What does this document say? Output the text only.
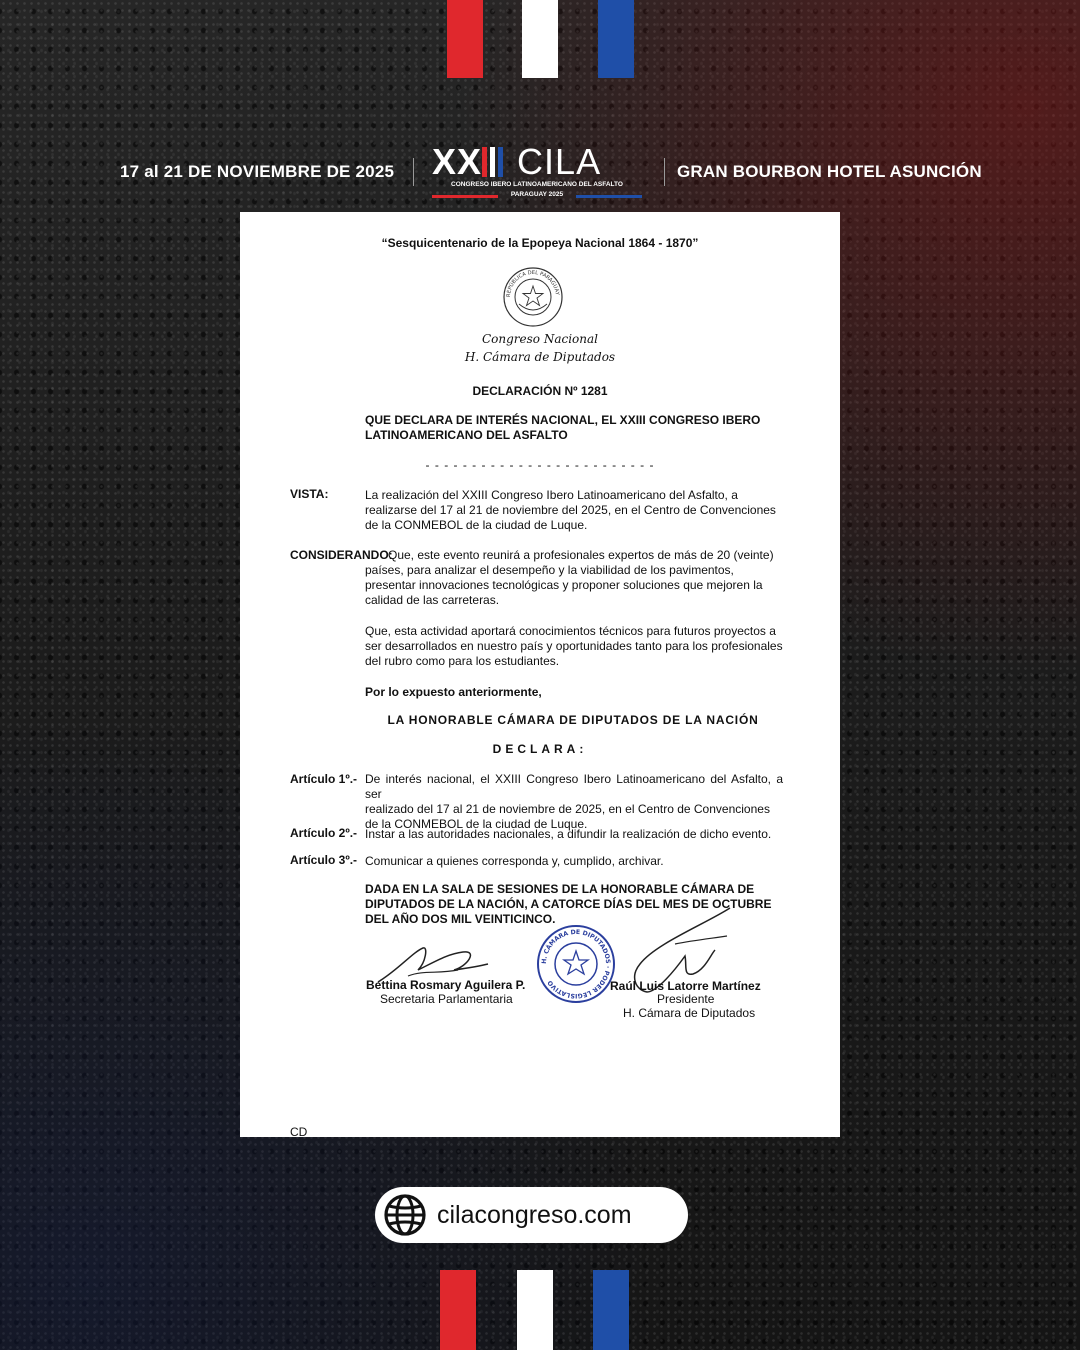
17 al 21 DE NOVIEMBRE DE 2025 XX CILA
CONGRESO IBERO LATINOAMERICANO DEL ASFALTO
PARAGUAY 2025
GRAN BOURBON HOTEL ASUNCIÓN
“Sesquicentenario de la Epopeya Nacional 1864 - 1870”
REPÚBLICA DEL PARAGUAY
Congreso Nacional
H. Cámara de Diputados
DECLARACIÓN Nº 1281
QUE DECLARA DE INTERÉS NACIONAL, EL XXIII CONGRESO IBERO
LATINOAMERICANO DEL ASFALTO
- - - - - - - - - - - - - - - - - - - - - - - - -
VISTA:	La realización del XXIII Congreso Ibero Latinoamericano del Asfalto, a
realizarse del 17 al 21 de noviembre del 2025, en el Centro de Convenciones
de la CONMEBOL de la ciudad de Luque.
CONSIDERANDO:
Que, este evento reunirá a profesionales expertos de más de 20 (veinte)
países, para analizar el desempeño y la viabilidad de los pavimentos,
presentar innovaciones tecnológicas y proponer soluciones que mejoren la
calidad de las carreteras.
Que, esta actividad aportará conocimientos técnicos para futuros proyectos a
ser desarrollados en nuestro país y oportunidades tanto para los profesionales
del rubro como para los estudiantes.
Por lo expuesto anteriormente,
LA HONORABLE CÁMARA DE DIPUTADOS DE LA NACIÓN
DECLARA:
Artículo 1º.- De interés nacional, el XXIII Congreso Ibero Latinoamericano del Asfalto, a ser
realizado del 17 al 21 de noviembre de 2025, en el Centro de Convenciones
de la CONMEBOL de la ciudad de Luque.
Artículo 2º.- Instar a las autoridades nacionales, a difundir la realización de dicho evento.
Artículo 3º.- Comunicar a quienes corresponda y, cumplido, archivar.
DADA EN LA SALA DE SESIONES DE LA HONORABLE CÁMARA DE
DIPUTADOS DE LA NACIÓN, A CATORCE DÍAS DEL MES DE OCTUBRE
DEL AÑO DOS MIL VEINTICINCO.
H. CÁMARA DE DIPUTADOS · PODER LEGISLATIVO
Bettina Rosmary Aguilera P.
Secretaria Parlamentaria
Raúl Luis Latorre Martínez
Presidente
H. Cámara de Diputados
CD
cilacongreso.com
